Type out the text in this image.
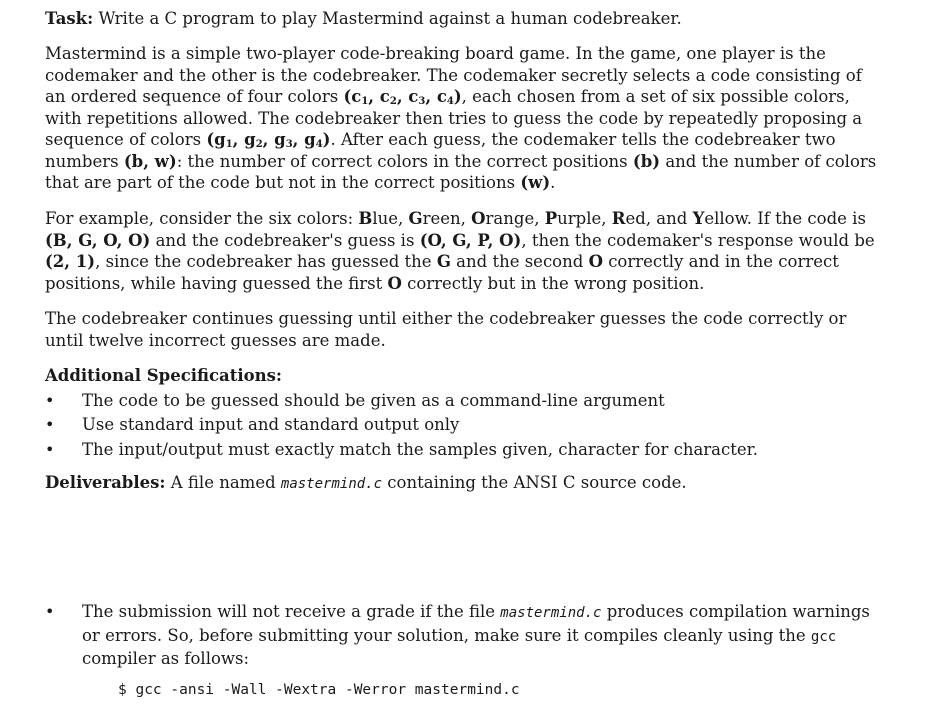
Task: Write a C program to play Mastermind against a human codebreaker.

Mastermind is a simple two-player code-breaking board game. In the game, one player is the codemaker and the other is the codebreaker. The codemaker secretly selects a code consisting of an ordered sequence of four colors ($c_1$, $c_2$, $c_3$, $c_4$), each chosen from a set of six possible colors, with repetitions allowed. The codebreaker then tries to guess the code by repeatedly proposing a sequence of colors ($g_1$, $g_2$, $g_3$, $g_4$). After each guess, the codemaker tells the codebreaker two numbers (b, w): the number of correct colors in the correct positions (b) and the number of colors that are part of the code but not in the correct positions (w).

For example, consider the six colors: Blue, Green, Orange, Purple, Red, and Yellow. If the code is (B, G, O, O) and the codebreaker's guess is (O, G, P, O), then the codemaker's response would be (2, 1), since the codebreaker has guessed the G and the second O correctly and in the correct positions, while having guessed the first O correctly but in the wrong position.

The codebreaker continues guessing until either the codebreaker guesses the code correctly or until twelve incorrect guesses are made.

Additional Specifications:

• The code to be guessed should be given as a command-line argument
• Use standard input and standard output only
• The input/output must exactly match the samples given, character for character.

Deliverables: A file named mastermind.c containing the ANSI C source code.

• The submission will not receive a grade if the file mastermind.c produces compilation warnings or errors. So, before submitting your solution, make sure it compiles cleanly using the gcc compiler as follows:
$ gcc -ansi -Wall -Wextra -Werror mastermind.c
